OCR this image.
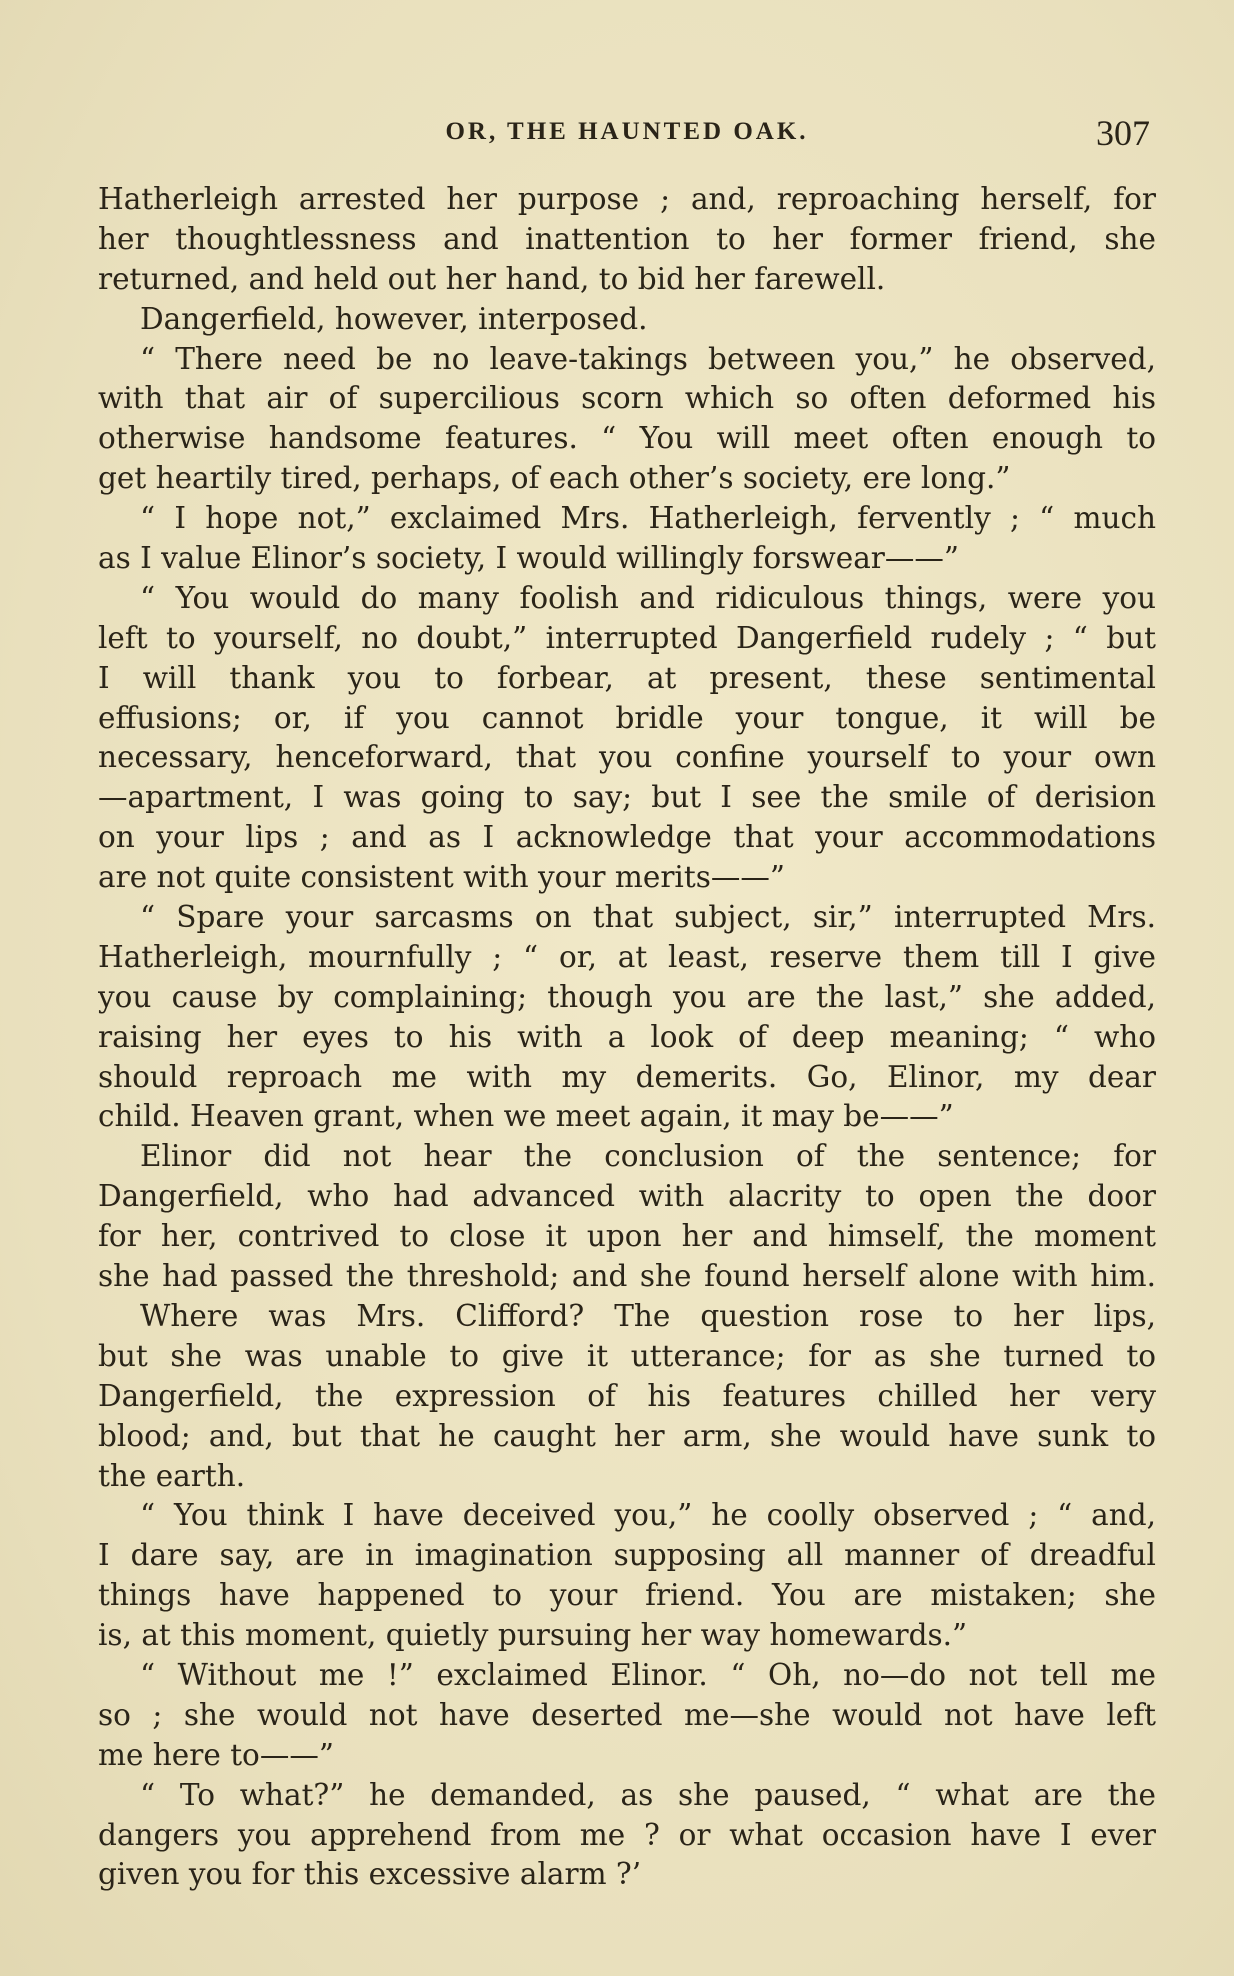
OR, THE HAUNTED OAK.	307
Hatherleigh arrested her purpose ; and, reproaching herself, for
her thoughtlessness and inattention to her former friend, she
returned, and held out her hand, to bid her farewell.
Dangerfield, however, interposed.
“ There need be no leave-takings between you,” he observed,
with that air of supercilious scorn which so often deformed his
otherwise handsome features. “ You will meet often enough to
get heartily tired, perhaps, of each other’s society, ere long.”
“ I hope not,” exclaimed Mrs. Hatherleigh, fervently ; “ much
as I value Elinor’s society, I would willingly forswear——”
“ You would do many foolish and ridiculous things, were you
left to yourself, no doubt,” interrupted Dangerfield rudely ; “ but
I will thank you to forbear, at present, these sentimental
effusions; or, if you cannot bridle your tongue, it will be
necessary, henceforward, that you confine yourself to your own
—apartment, I was going to say; but I see the smile of derision
on your lips ; and as I acknowledge that your accommodations
are not quite consistent with your merits——”
“ Spare your sarcasms on that subject, sir,” interrupted Mrs.
Hatherleigh, mournfully ; “ or, at least, reserve them till I give
you cause by complaining; though you are the last,” she added,
raising her eyes to his with a look of deep meaning; “ who
should reproach me with my demerits. Go, Elinor, my dear
child. Heaven grant, when we meet again, it may be——”
Elinor did not hear the conclusion of the sentence; for
Dangerfield, who had advanced with alacrity to open the door
for her, contrived to close it upon her and himself, the moment
she had passed the threshold; and she found herself alone with him.
Where was Mrs. Clifford? The question rose to her lips,
but she was unable to give it utterance; for as she turned to
Dangerfield, the expression of his features chilled her very
blood; and, but that he caught her arm, she would have sunk to
the earth.
“ You think I have deceived you,” he coolly observed ; “ and,
I dare say, are in imagination supposing all manner of dreadful
things have happened to your friend. You are mistaken; she
is, at this moment, quietly pursuing her way homewards.”
“ Without me !” exclaimed Elinor. “ Oh, no—do not tell me
so ; she would not have deserted me—she would not have left
me here to——”
“ To what?” he demanded, as she paused, “ what are the
dangers you apprehend from me ? or what occasion have I ever
given you for this excessive alarm ?’
